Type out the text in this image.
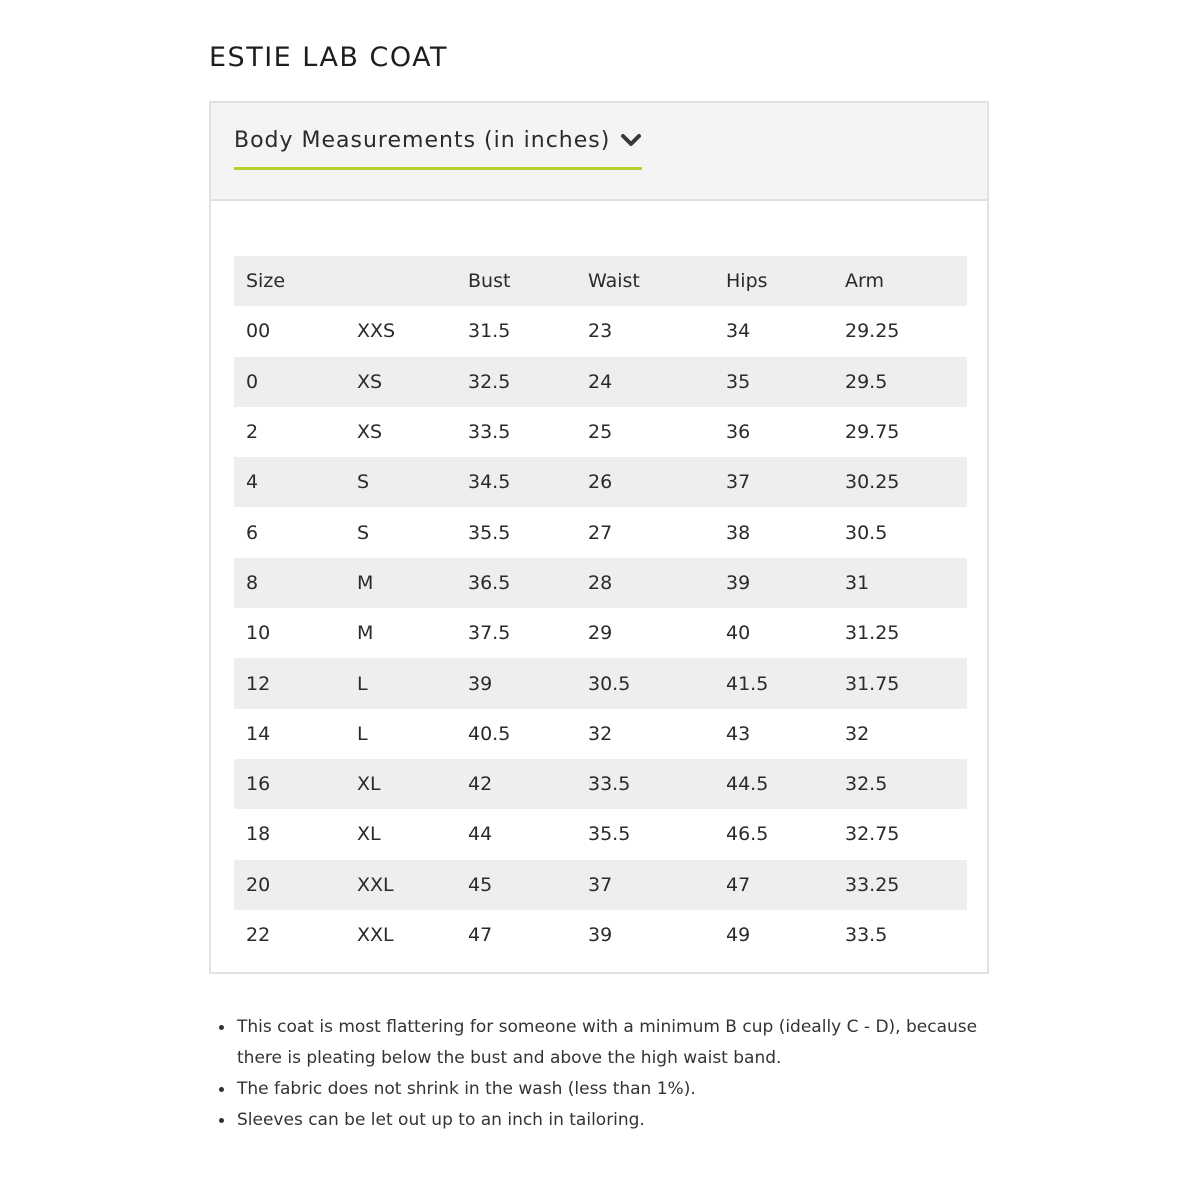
ESTIE LAB COAT
Body Measurements (in inches)
Size		Bust	Waist	Hips	Arm
00	XXS	31.5	23	34	29.25
0	XS	32.5	24	35	29.5
2	XS	33.5	25	36	29.75
4	S	34.5	26	37	30.25
6	S	35.5	27	38	30.5
8	M	36.5	28	39	31
10	M	37.5	29	40	31.25
12	L	39	30.5	41.5	31.75
14	L	40.5	32	43	32
16	XL	42	33.5	44.5	32.5
18	XL	44	35.5	46.5	32.75
20	XXL	45	37	47	33.25
22	XXL	47	39	49	33.5
This coat is most flattering for someone with a minimum B cup (ideally C - D), because there is pleating below the bust and above the high waist band.
The fabric does not shrink in the wash (less than 1%).
Sleeves can be let out up to an inch in tailoring.
